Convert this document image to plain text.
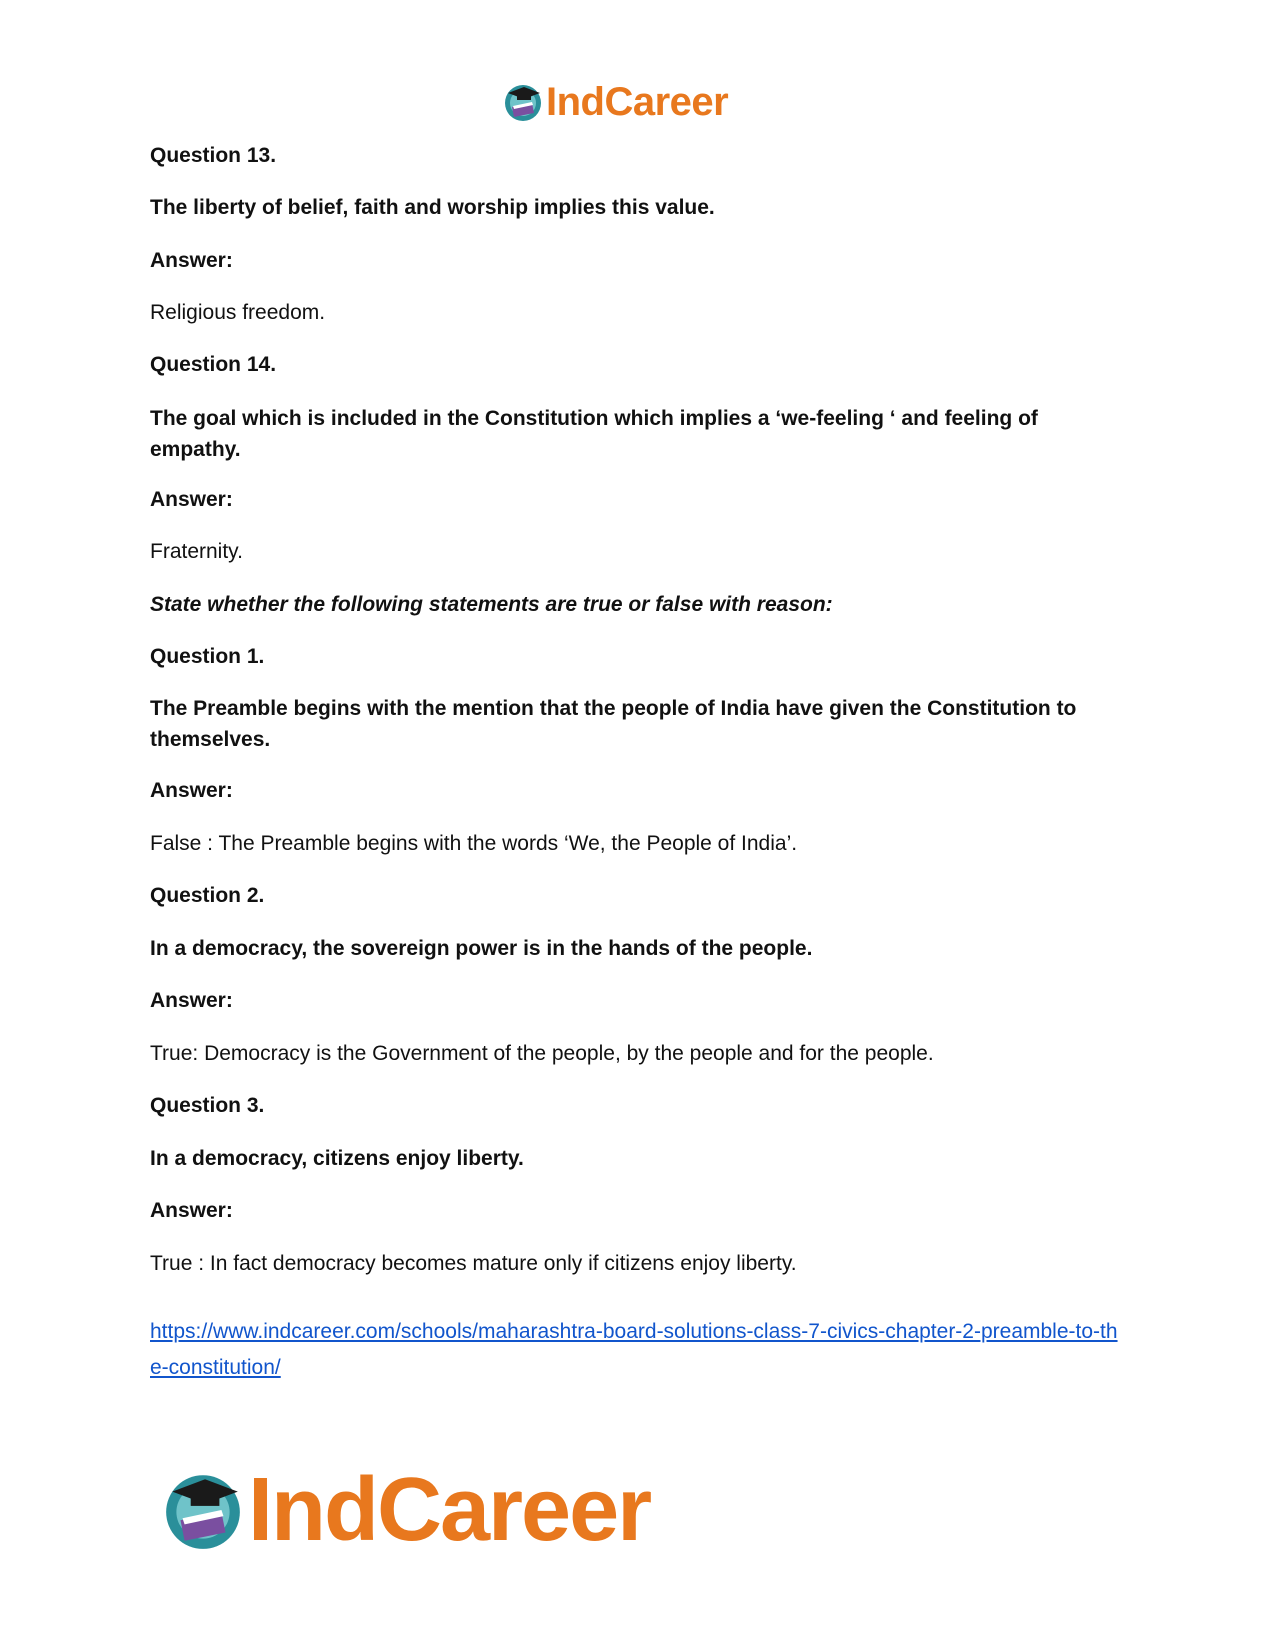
IndCareer

Question 13.

The liberty of belief, faith and worship implies this value.

Answer:

Religious freedom.

Question 14.

The goal which is included in the Constitution which implies a ‘we-feeling ‘ and feeling of empathy.

Answer:

Fraternity.

State whether the following statements are true or false with reason:

Question 1.

The Preamble begins with the mention that the people of India have given the Constitution to themselves.

Answer:

False : The Preamble begins with the words ‘We, the People of India’.

Question 2.

In a democracy, the sovereign power is in the hands of the people.

Answer:

True: Democracy is the Government of the people, by the people and for the people.

Question 3.

In a democracy, citizens enjoy liberty.

Answer:

True : In fact democracy becomes mature only if citizens enjoy liberty.

https://www.indcareer.com/schools/maharashtra-board-solutions-class-7-civics-chapter-2-preamble-to-the-constitution/
IndCareer
